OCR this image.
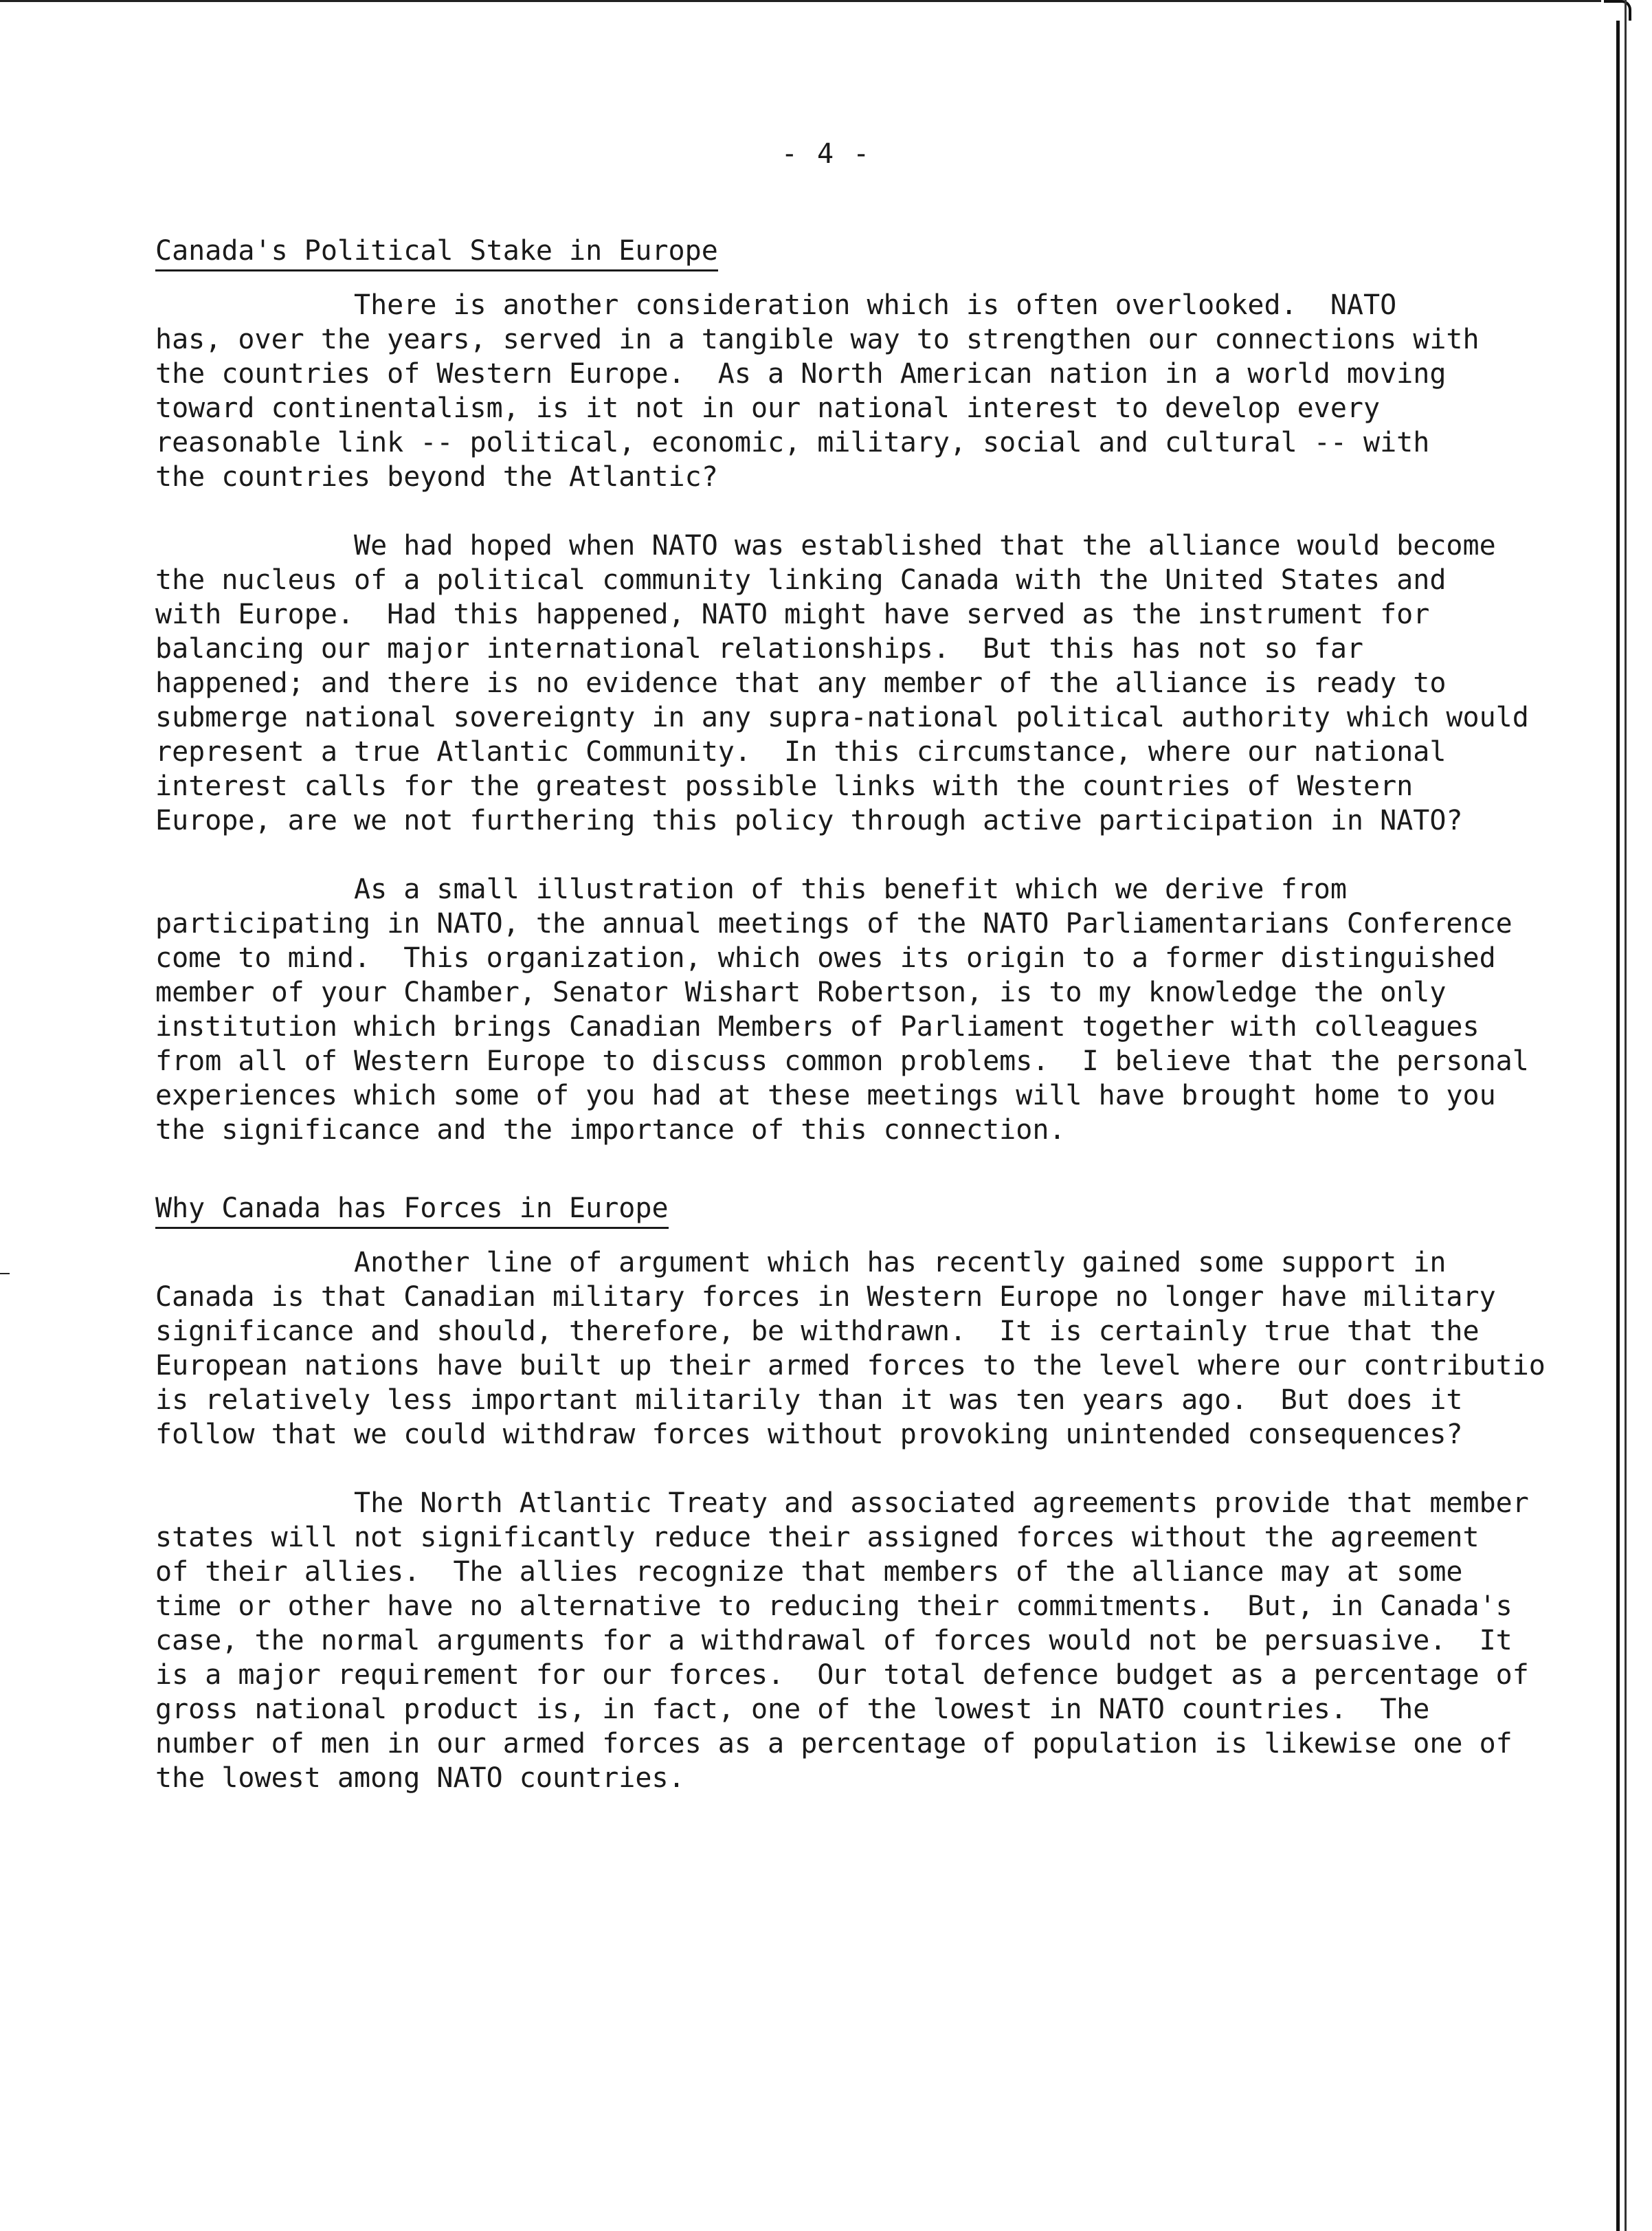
- 4 -
Canada's Political Stake in Europe

There is another consideration which is often overlooked.  NATO
has, over the years, served in a tangible way to strengthen our connections with
the countries of Western Europe.  As a North American nation in a world moving
toward continentalism, is it not in our national interest to develop every
reasonable link -- political, economic, military, social and cultural -- with
the countries beyond the Atlantic?

We had hoped when NATO was established that the alliance would become
the nucleus of a political community linking Canada with the United States and
with Europe.  Had this happened, NATO might have served as the instrument for
balancing our major international relationships.  But this has not so far
happened; and there is no evidence that any member of the alliance is ready to
submerge national sovereignty in any supra-national political authority which would
represent a true Atlantic Community.  In this circumstance, where our national
interest calls for the greatest possible links with the countries of Western
Europe, are we not furthering this policy through active participation in NATO?

As a small illustration of this benefit which we derive from
participating in NATO, the annual meetings of the NATO Parliamentarians Conference
come to mind.  This organization, which owes its origin to a former distinguished
member of your Chamber, Senator Wishart Robertson, is to my knowledge the only
institution which brings Canadian Members of Parliament together with colleagues
from all of Western Europe to discuss common problems.  I believe that the personal
experiences which some of you had at these meetings will have brought home to you
the significance and the importance of this connection.

Why Canada has Forces in Europe

Another line of argument which has recently gained some support in
Canada is that Canadian military forces in Western Europe no longer have military
significance and should, therefore, be withdrawn.  It is certainly true that the
European nations have built up their armed forces to the level where our contributio
is relatively less important militarily than it was ten years ago.  But does it
follow that we could withdraw forces without provoking unintended consequences?

The North Atlantic Treaty and associated agreements provide that member
states will not significantly reduce their assigned forces without the agreement
of their allies.  The allies recognize that members of the alliance may at some
time or other have no alternative to reducing their commitments.  But, in Canada's
case, the normal arguments for a withdrawal of forces would not be persuasive.  It
is a major requirement for our forces.  Our total defence budget as a percentage of
gross national product is, in fact, one of the lowest in NATO countries.  The
number of men in our armed forces as a percentage of population is likewise one of
the lowest among NATO countries.
